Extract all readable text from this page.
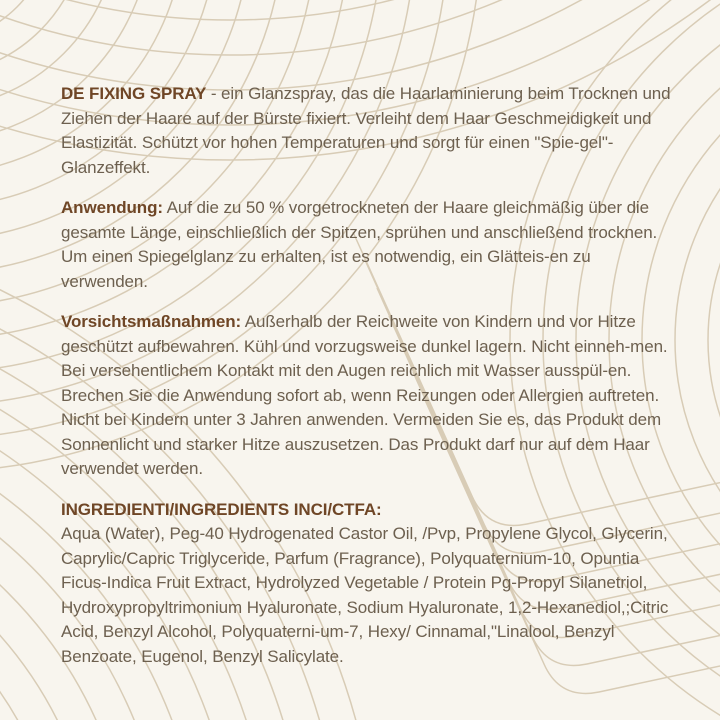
DE FIXING SPRAY - ein Glanzspray, das die Haarlaminierung beim Trocknen und Ziehen der Haare auf der Bürste fixiert. Verleiht dem Haar Geschmeidigkeit und Elastizität. Schützt vor hohen Temperaturen und sorgt für einen "Spie-gel"-Glanzeffekt.

Anwendung: Auf die zu 50 % vorgetrockneten der Haare gleichmäßig über die gesamte Länge, einschließlich der Spitzen, sprühen und anschließend trocknen. Um einen Spiegelglanz zu erhalten, ist es notwendig, ein Glätteis-en zu verwenden.

Vorsichtsmaßnahmen: Außerhalb der Reichweite von Kindern und vor Hitze geschützt aufbewahren. Kühl und vorzugsweise dunkel lagern. Nicht einneh-men. Bei versehentlichem Kontakt mit den Augen reichlich mit Wasser ausspül-en. Brechen Sie die Anwendung sofort ab, wenn Reizungen oder Allergien auftreten. Nicht bei Kindern unter 3 Jahren anwenden. Vermeiden Sie es, das Produkt dem Sonnenlicht und starker Hitze auszusetzen. Das Produkt darf nur auf dem Haar verwendet werden.

INGREDIENTI/INGREDIENTS INCI/CTFA:
Aqua (Water), Peg-40 Hydrogenated Castor Oil, /Pvp, Propylene Glycol, Glycerin, Caprylic/Capric Triglyceride, Parfum (Fragrance), Polyquaternium-10, Opuntia Ficus-Indica Fruit Extract, Hydrolyzed Vegetable / Protein Pg-Propyl Silanetriol, Hydroxypropyltrimonium Hyaluronate, Sodium Hyaluronate, 1,2-Hexanediol,;Citric Acid, Benzyl Alcohol, Polyquaterni-um-7, Hexy/ Cinnamal,"Linalool, Benzyl Benzoate, Eugenol, Benzyl Salicylate.
